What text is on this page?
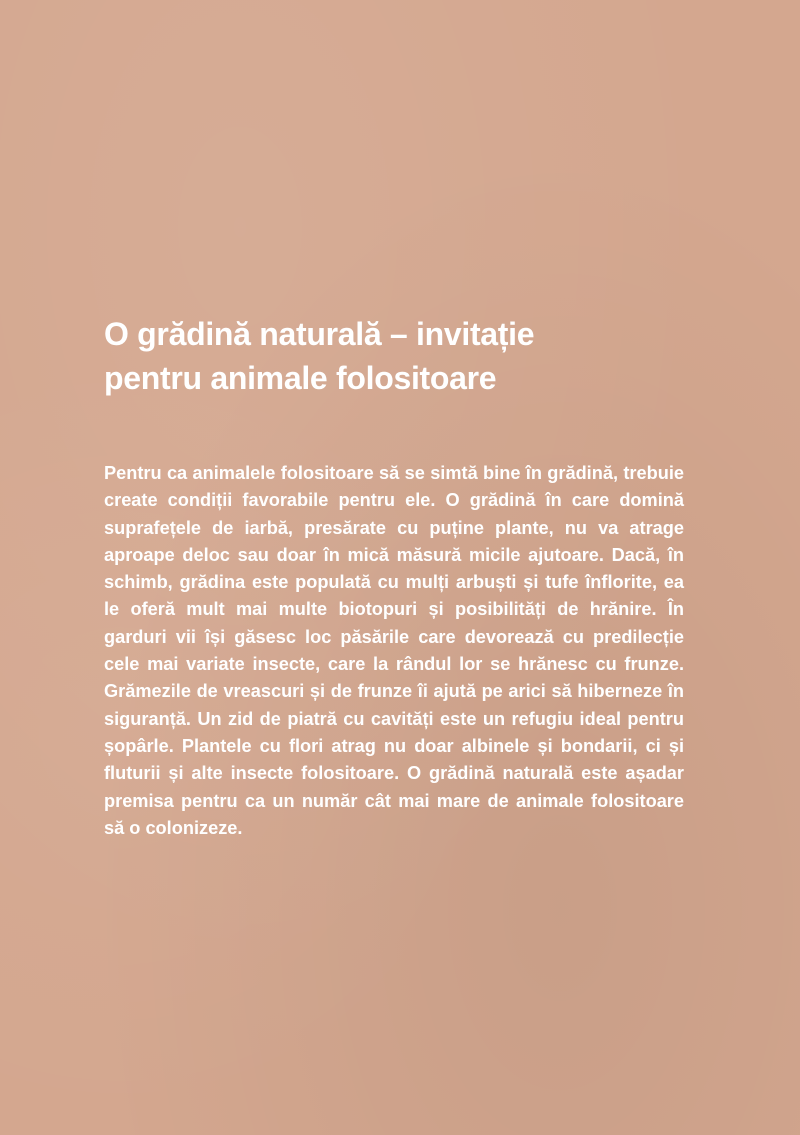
O grădină naturală – invitație
pentru animale folositoare

Pentru ca animalele folositoare să se simtă bine în grădină, trebuie create condiții favorabile pentru ele. O grădină în care domină suprafețele de iarbă, presărate cu puține plante, nu va atrage aproape deloc sau doar în mică măsură micile ajutoare. Dacă, în schimb, grădina este populată cu mulți arbuști și tufe înflorite, ea le oferă mult mai multe biotopuri și posibilități de hrănire. În garduri vii își găsesc loc păsările care devorează cu predilecție cele mai variate insecte, care la rândul lor se hrănesc cu frunze. Grămezile de vreascuri și de frunze îi ajută pe arici să hiberneze în siguranță. Un zid de piatră cu cavități este un refugiu ideal pentru șopârle. Plantele cu flori atrag nu doar albinele și bondarii, ci și fluturii și alte insecte folositoare. O grădină naturală este așadar premisa pentru ca un număr cât mai mare de animale folositoare să o colonizeze.
